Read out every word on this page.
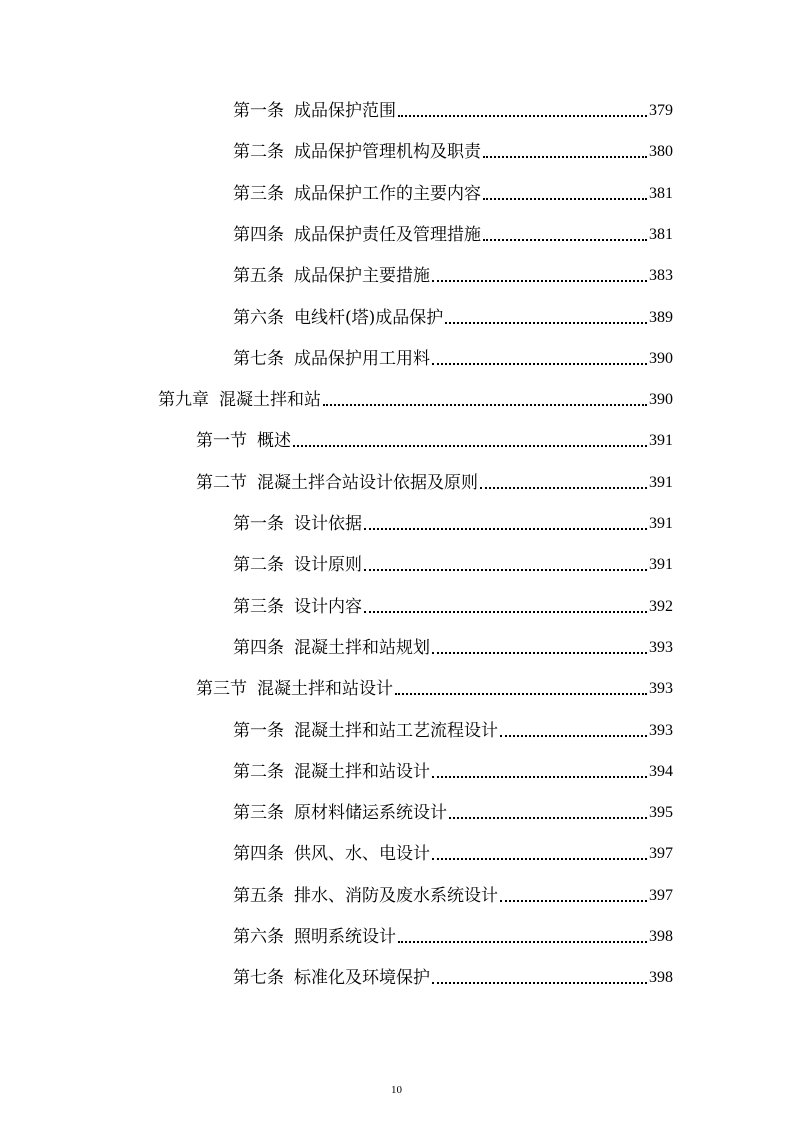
第一条 成品保护范围	379
第二条 成品保护管理机构及职责	380
第三条 成品保护工作的主要内容	381
第四条 成品保护责任及管理措施	381
第五条 成品保护主要措施	383
第六条 电线杆(塔)成品保护	389
第七条 成品保护用工用料	390
第九章 混凝土拌和站	390
第一节 概述	391
第二节 混凝土拌合站设计依据及原则	391
第一条 设计依据	391
第二条 设计原则	391
第三条 设计内容	392
第四条 混凝土拌和站规划	393
第三节 混凝土拌和站设计	393
第一条 混凝土拌和站工艺流程设计	393
第二条 混凝土拌和站设计	394
第三条 原材料储运系统设计	395
第四条 供风、水、电设计	397
第五条 排水、消防及废水系统设计	397
第六条 照明系统设计	398
第七条 标准化及环境保护	398
10
